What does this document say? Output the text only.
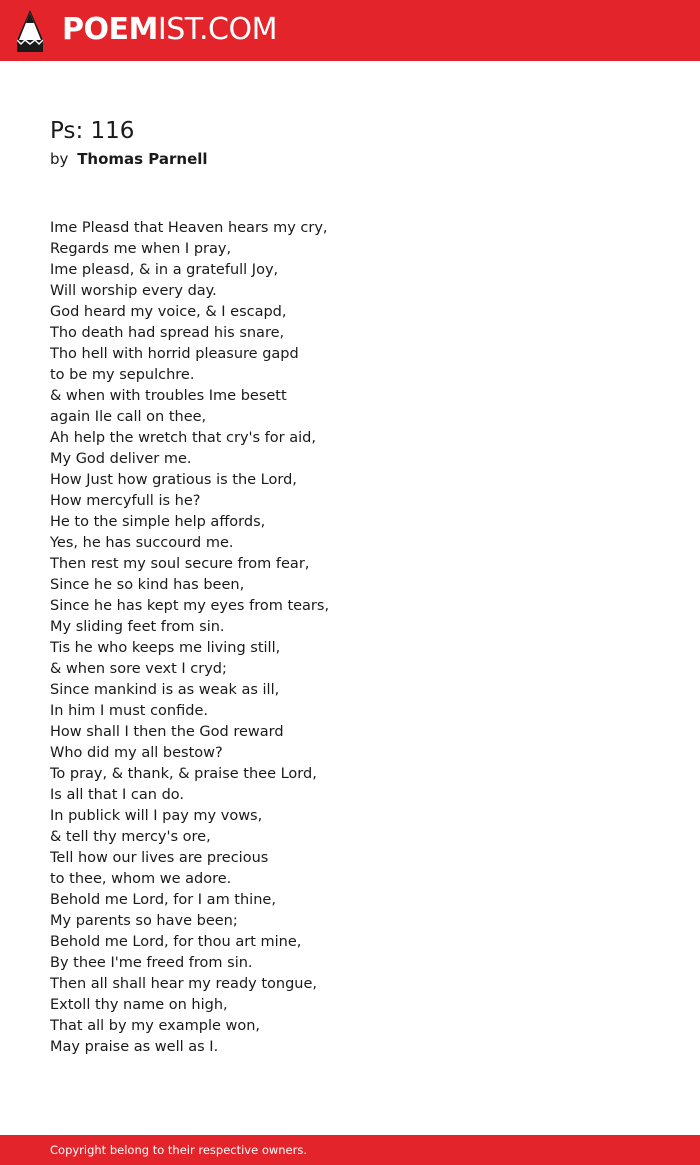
POEMIST.COM
Ps: 116
by Thomas Parnell
Ime Pleasd that Heaven hears my cry,
Regards me when I pray,
Ime pleasd, & in a gratefull Joy,
Will worship every day.
God heard my voice, & I escapd,
Tho death had spread his snare,
Tho hell with horrid pleasure gapd
to be my sepulchre.
& when with troubles Ime besett
again Ile call on thee,
Ah help the wretch that cry's for aid,
My God deliver me.
How Just how gratious is the Lord,
How mercyfull is he?
He to the simple help affords,
Yes, he has succourd me.
Then rest my soul secure from fear,
Since he so kind has been,
Since he has kept my eyes from tears,
My sliding feet from sin.
Tis he who keeps me living still,
& when sore vext I cryd;
Since mankind is as weak as ill,
In him I must confide.
How shall I then the God reward
Who did my all bestow?
To pray, & thank, & praise thee Lord,
Is all that I can do.
In publick will I pay my vows,
& tell thy mercy's ore,
Tell how our lives are precious
to thee, whom we adore.
Behold me Lord, for I am thine,
My parents so have been;
Behold me Lord, for thou art mine,
By thee I'me freed from sin.
Then all shall hear my ready tongue,
Extoll thy name on high,
That all by my example won,
May praise as well as I.
Copyright belong to their respective owners.
